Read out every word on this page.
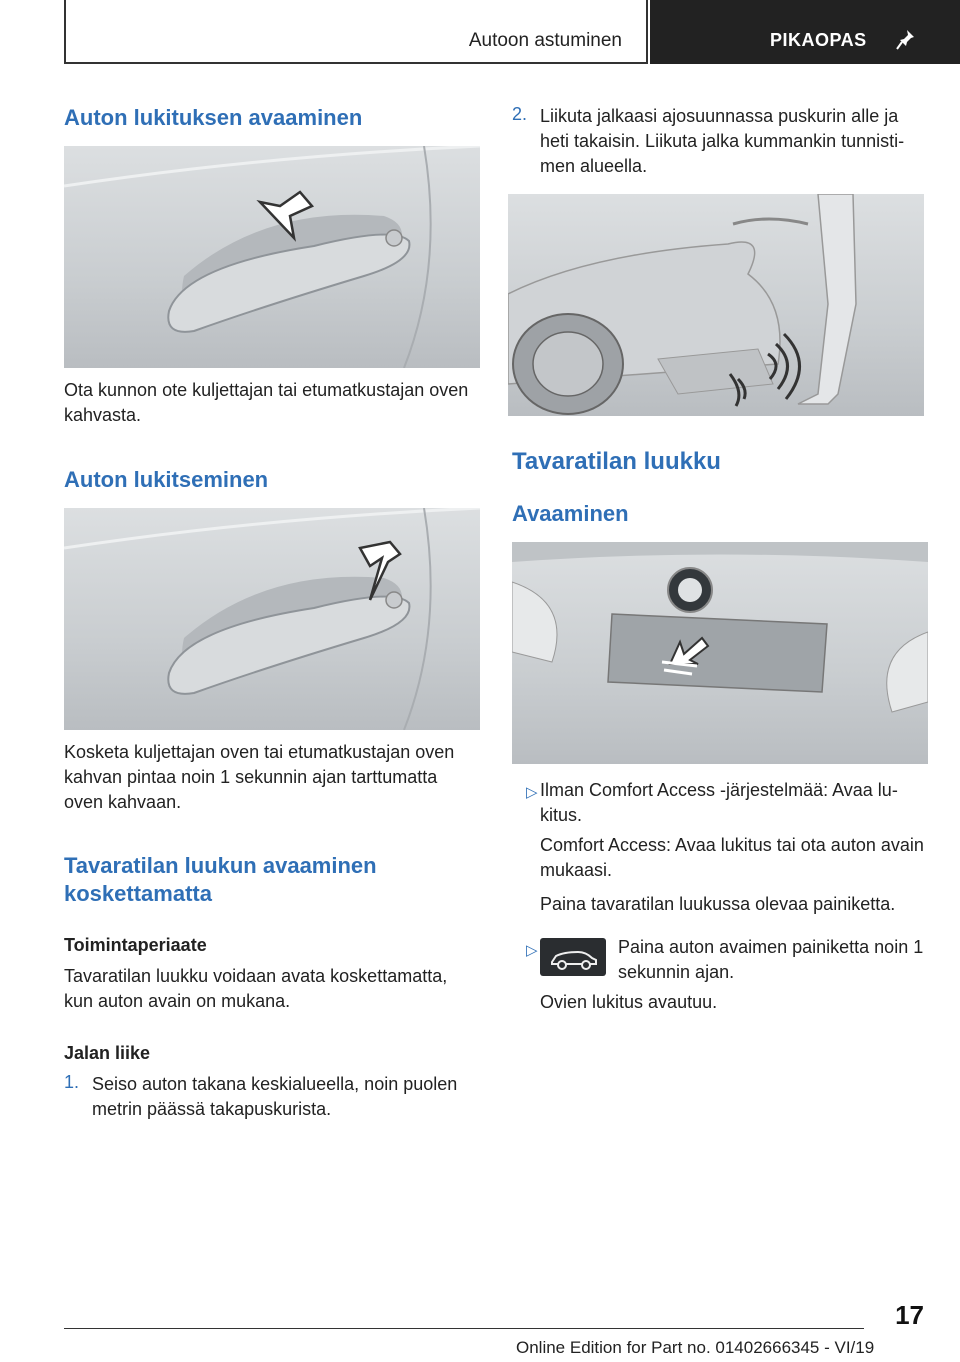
Autoon astuminen	PIKAOPAS
Auton lukituksen avaaminen

Ota kunnon ote kuljettajan tai etumatkustajan oven kahvasta.

Auton lukitseminen

Kosketa kuljettajan oven tai etumatkustajan oven kahvan pintaa noin 1 sekunnin ajan tarttumatta oven kahvaan.

Tavaratilan luukun avaaminen
koskettamatta
Toimintaperiaate

Tavaratilan luukku voidaan avata koskettamatta, kun auton avain on mukana.

Jalan liike
1. Seiso auton takana keskialueella, noin puolen metrin päässä takapuskurista.

2. Liikuta jalkaasi ajosuunnassa puskurin alle ja heti takaisin. Liikuta jalka kummankin tunnistimen alueella.

Tavaratilan luukku
Avaaminen
▷ Ilman Comfort Access ‑järjestelmää: Avaa lukitus.

Comfort Access: Avaa lukitus tai ota auton avain mukaasi.

Paina tavaratilan luukussa olevaa painiketta.

▷	Paina auton avaimen painiketta noin 1 sekunnin ajan.

Ovien lukitus avautuu.

17
Online Edition for Part no. 01402666345 - VI/19
